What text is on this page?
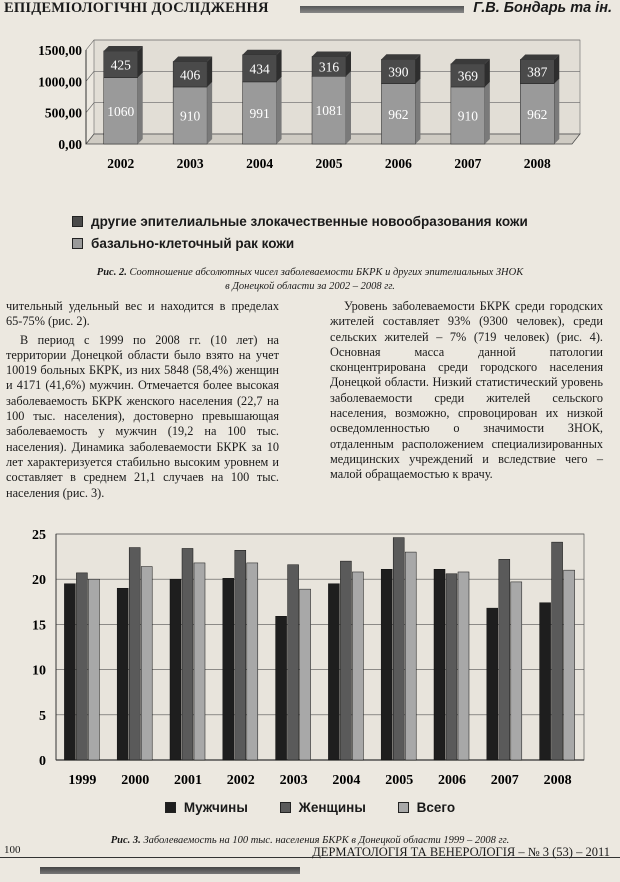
ЕПІДЕМІОЛОГІЧНІ ДОСЛІДЖЕННЯ	Г.В. Бондарь та ін.
0,00
500,00
1000,00
1500,00
1060
425
2002
910
406
2003
991
434
2004
1081
316
2005
962
390
2006
910
369
2007
962
387
2008
другие эпителиальные злокачественные новообразования кожи
базально-клеточный рак кожи
Рис. 2. Соотношение абсолютных чисел заболеваемости БКРК и других эпителиальных ЗНОК
в Донецкой области за 2002 – 2008 гг.

чительный удельный вес и находится в пределах 65-75% (рис. 2).

В период с 1999 по 2008 гг. (10 лет) на территории Донецкой области было взято на учет 10019 больных БКРК, из них 5848 (58,4%) женщин и 4171 (41,6%) мужчин. Отмечается более высокая заболеваемость БКРК женского населения (22,7 на 100 тыс. населения), достоверно превышающая заболеваемость у мужчин (19,2 на 100 тыс. населения). Динамика заболеваемости БКРК за 10 лет характеризуется стабильно высоким уровнем и составляет в среднем 21,1 случаев на 100 тыс. населения (рис. 3).

Уровень заболеваемости БКРК среди городских жителей составляет 93% (9300 человек), среди сельских жителей – 7% (719 человек) (рис. 4). Основная масса данной патологии сконцентрирована среди городского населения Донецкой области. Низкий статистический уровень заболеваемости среди жителей сельского населения, возможно, спровоцирован их низкой осведомленностью о значимости ЗНОК, отдаленным расположением специализированных медицинских учреждений и вследствие чего – малой обращаемостью к врачу.

0
5
10
15
20
25
1999 2000 2001 2002 2003 2004 2005 2006 2007 2008
Мужчины
	Женщины
	Всего
Рис. 3. Заболеваемость на 100 тыс. населения БКРК в Донецкой области 1999 – 2008 гг.
100	ДЕРМАТОЛОГІЯ ТА ВЕНЕРОЛОГІЯ – № 3 (53) – 2011
